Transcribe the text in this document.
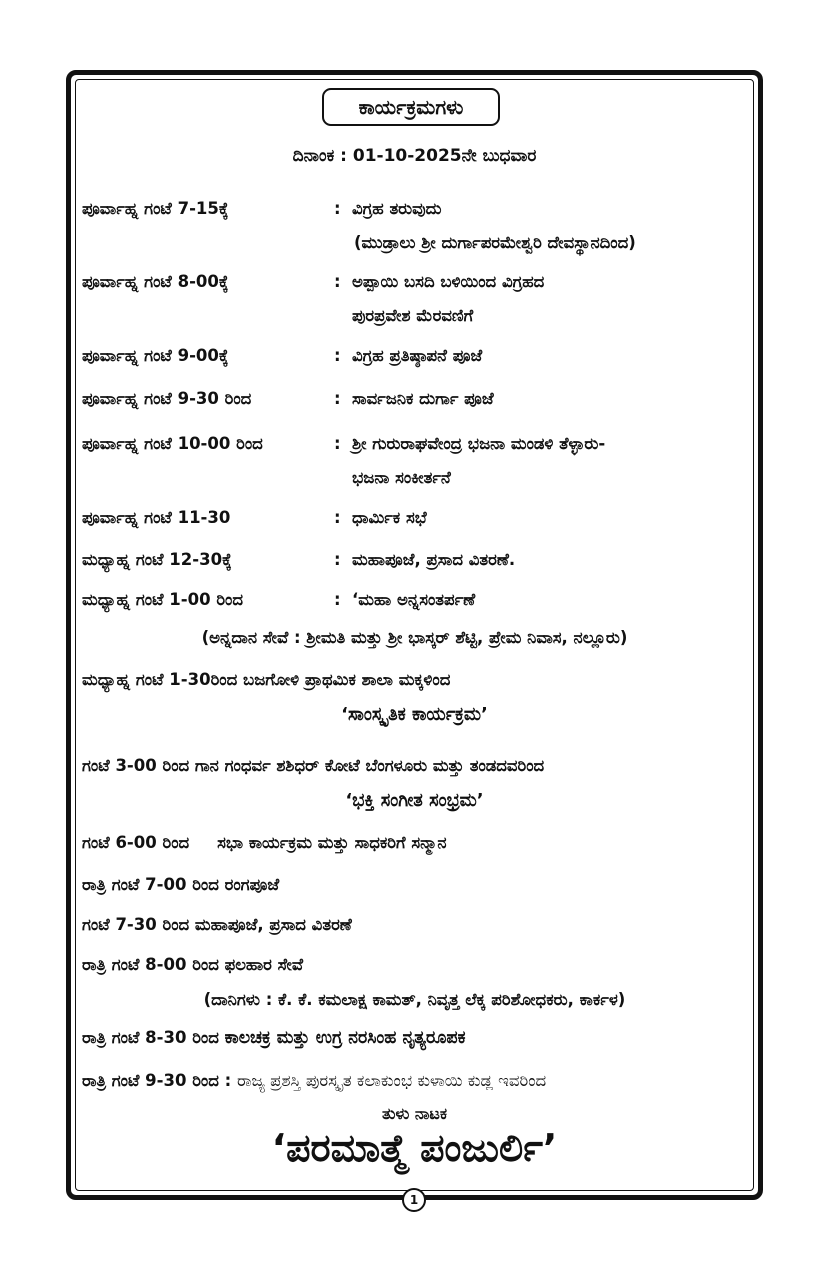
ಕಾರ್ಯಕ್ರಮಗಳು
ದಿನಾಂಕ : 01-10-2025ನೇ ಬುಧವಾರ
ಪೂರ್ವಾಹ್ನ ಗಂಟೆ 7-15ಕ್ಕೆ	: ವಿಗ್ರಹ ತರುವುದು
(ಮುಡ್ರಾಲು ಶ್ರೀ ದುರ್ಗಾಪರಮೇಶ್ವರಿ ದೇವಸ್ಥಾನದಿಂದ)
ಪೂರ್ವಾಹ್ನ ಗಂಟೆ 8-00ಕ್ಕೆ	: ಅಪ್ಪಾಯಿ ಬಸದಿ ಬಳಿಯಿಂದ ವಿಗ್ರಹದ
ಪುರಪ್ರವೇಶ ಮೆರವಣಿಗೆ
ಪೂರ್ವಾಹ್ನ ಗಂಟೆ 9-00ಕ್ಕೆ	: ವಿಗ್ರಹ ಪ್ರತಿಷ್ಠಾಪನೆ ಪೂಜೆ
ಪೂರ್ವಾಹ್ನ ಗಂಟೆ 9-30 ರಿಂದ	: ಸಾರ್ವಜನಿಕ ದುರ್ಗಾ ಪೂಜೆ
ಪೂರ್ವಾಹ್ನ ಗಂಟೆ 10-00 ರಿಂದ	: ಶ್ರೀ ಗುರುರಾಘವೇಂದ್ರ ಭಜನಾ ಮಂಡಳಿ ತೆಳ್ಳಾರು-
ಭಜನಾ ಸಂಕೀರ್ತನೆ
ಪೂರ್ವಾಹ್ನ ಗಂಟೆ 11-30	: ಧಾರ್ಮಿಕ ಸಭೆ
ಮಧ್ಯಾಹ್ನ ಗಂಟೆ 12-30ಕ್ಕೆ	: ಮಹಾಪೂಜೆ, ಪ್ರಸಾದ ವಿತರಣೆ.
ಮಧ್ಯಾಹ್ನ ಗಂಟೆ 1-00 ರಿಂದ	: ‘ಮಹಾ ಅನ್ನಸಂತರ್ಪಣೆ
(ಅನ್ನದಾನ ಸೇವೆ : ಶ್ರೀಮತಿ ಮತ್ತು ಶ್ರೀ ಭಾಸ್ಕರ್ ಶೆಟ್ಟಿ, ಪ್ರೇಮ ನಿವಾಸ, ನಲ್ಲೂರು)
ಮಧ್ಯಾಹ್ನ ಗಂಟೆ 1-30ರಿಂದ ಬಜಗೋಳಿ ಪ್ರಾಥಮಿಕ ಶಾಲಾ ಮಕ್ಕಳಿಂದ
‘ಸಾಂಸ್ಕೃತಿಕ ಕಾರ್ಯಕ್ರಮ’
ಗಂಟೆ 3-00 ರಿಂದ ಗಾನ ಗಂಧರ್ವ ಶಶಿಧರ್ ಕೋಟೆ ಬೆಂಗಳೂರು ಮತ್ತು ತಂಡದವರಿಂದ
‘ಭಕ್ತಿ ಸಂಗೀತ ಸಂಭ್ರಮ’
ಗಂಟೆ 6-00 ರಿಂದ ಸಭಾ ಕಾರ್ಯಕ್ರಮ ಮತ್ತು ಸಾಧಕರಿಗೆ ಸನ್ಮಾನ
ರಾತ್ರಿ ಗಂಟೆ 7-00 ರಿಂದ ರಂಗಪೂಜೆ
ಗಂಟೆ 7-30 ರಿಂದ ಮಹಾಪೂಜೆ, ಪ್ರಸಾದ ವಿತರಣೆ
ರಾತ್ರಿ ಗಂಟೆ 8-00 ರಿಂದ ಫಲಹಾರ ಸೇವೆ
(ದಾನಿಗಳು : ಕೆ. ಕೆ. ಕಮಲಾಕ್ಷ ಕಾಮತ್, ನಿವೃತ್ತ ಲೆಕ್ಕ ಪರಿಶೋಧಕರು, ಕಾರ್ಕಳ)
ರಾತ್ರಿ ಗಂಟೆ 8-30 ರಿಂದ ಕಾಲಚಕ್ರ ಮತ್ತು ಉಗ್ರ ನರಸಿಂಹ ನೃತ್ಯರೂಪಕ
ರಾತ್ರಿ ಗಂಟೆ 9-30 ರಿಂದ : ರಾಜ್ಯ ಪ್ರಶಸ್ತಿ ಪುರಸ್ಕೃತ ಕಲಾಕುಂಭ ಕುಳಾಯಿ ಕುಡ್ಲ ಇವರಿಂದ
ತುಳು ನಾಟಕ
‘ಪರಮಾತ್ಮೆ ಪಂಜುರ್ಲಿ’
1
